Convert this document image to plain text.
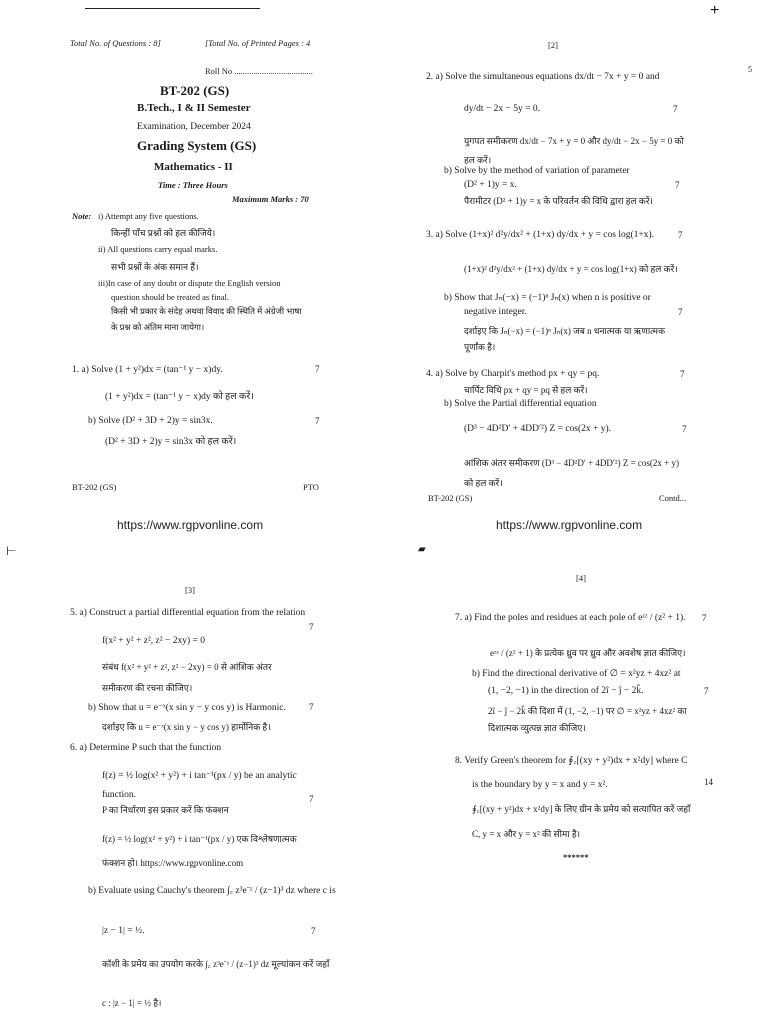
Total No. of Questions : 8]	[Total No. of Printed Pages : 4
Roll No .....................................
BT-202 (GS)
B.Tech., I & II Semester
Examination, December 2024
Grading System (GS)
Mathematics - II
Time : Three Hours
Maximum Marks : 70
Note: i) Attempt any five questions.
किन्हीं पाँच प्रश्नों को हल कीजिये।
ii) All questions carry equal marks.
सभी प्रश्नों के अंक समान हैं।
iii)In case of any doubt or dispute the English version
question should be treated as final.
किसी भी प्रकार के संदेह अथवा विवाद की स्थिति में अंग्रेजी भाषा
के प्रश्न को अंतिम माना जायेगा।
1. a) Solve (1 + y²)dx = (tan⁻¹ y − x)dy.	7
(1 + y²)dx = (tan⁻¹ y − x)dy को हल करें।
b) Solve (D² + 3D + 2)y = sin3x.	7
(D² + 3D + 2)y = sin3x को हल करें।
BT-202 (GS)	PTO
https://www.rgpvonline.com
+
[2]
2. a) Solve the simultaneous equations dx/dt − 7x + y = 0 and
dy/dt − 2x − 5y = 0.	7
युगपत समीकरण dx/dt − 7x + y = 0 और dy/dt − 2x − 5y = 0 को
हल करें।
b) Solve by the method of variation of parameter
(D² + 1)y = x.	7
पैरामीटर (D² + 1)y = x के परिवर्तन की विधि द्वारा हल करें।
3. a) Solve (1+x)² d²y/dx² + (1+x) dy/dx + y = cos log(1+x).	7
(1+x)² d²y/dx² + (1+x) dy/dx + y = cos log(1+x) को हल करें।
b) Show that Jₙ(−x) = (−1)ⁿ Jₙ(x) when n is positive or
negative integer.	7
दर्शाइए कि Jₙ(−x) = (−1)ⁿ Jₙ(x) जब n धनात्मक या ऋणात्मक
पूर्णांक है।
4. a) Solve by Charpit's method px + qy = pq.	7
चार्पिट विधि px + qy = pq से हल करें।
b) Solve the Partial differential equation
(D³ − 4D²D′ + 4DD′²) Z = cos(2x + y).	7
आंशिक अंतर समीकरण (D³ − 4D²D′ + 4DD′²) Z = cos(2x + y)
को हल करें।
BT-202 (GS)	Contd...
https://www.rgpvonline.com
⊢
[3]
5. a) Construct a partial differential equation from the relation
f(x² + y² + z², z² − 2xy) = 0
7
संबंध f(x² + y² + z², z² − 2xy) = 0 से आंशिक अंतर
समीकरण की रचना कीजिए।
b) Show that u = e⁻ˣ(x sin y − y cos y) is Harmonic.	7
दर्शाइए कि u = e⁻ˣ(x sin y − y cos y) हार्मोनिक है।
6. a) Determine P such that the function
f(z) = ½ log(x² + y²) + i tan⁻¹(px / y) be an analytic
function.	7
P का निर्धारण इस प्रकार करें कि फंक्शन
f(z) = ½ log(x² + y²) + i tan⁻¹(px / y) एक विश्लेषणात्मक
फंक्शन हो। https://www.rgpvonline.com
b) Evaluate using Cauchy's theorem ∫꜀ z³e⁻ᶻ / (z−1)³ dz where c is
|z − 1| = ½.	7
कॉशी के प्रमेय का उपयोग करके ∫꜀ z³e⁻ᶻ / (z−1)³ dz मूल्यांकन करें जहाँ
c : |z − 1| = ½ है।
▰
[4]
7. a) Find the poles and residues at each pole of eᶻᶻ / (z² + 1). 7
eᶻᶻ / (z² + 1) के प्रत्येक ध्रुव पर ध्रुव और अवशेष ज्ञात कीजिए।
b) Find the directional derivative of ∅ = x²yz + 4xz² at
(1, −2, −1) in the direction of 2î − ĵ − 2k̂.	7
2î − ĵ − 2k̂ की दिशा में (1, −2, −1) पर ∅ = x²yz + 4xz² का
दिशात्मक व्युत्पन्न ज्ञात कीजिए।
8. Verify Green's theorem for ∮꜀[(xy + y²)dx + x²dy] where C
is the boundary by y = x and y = x².	14
∮꜀[(xy + y²)dx + x²dy] के लिए ग्रीन के प्रमेय को सत्यापित करें जहाँ
C, y = x और y = x² की सीमा है।
******
5
